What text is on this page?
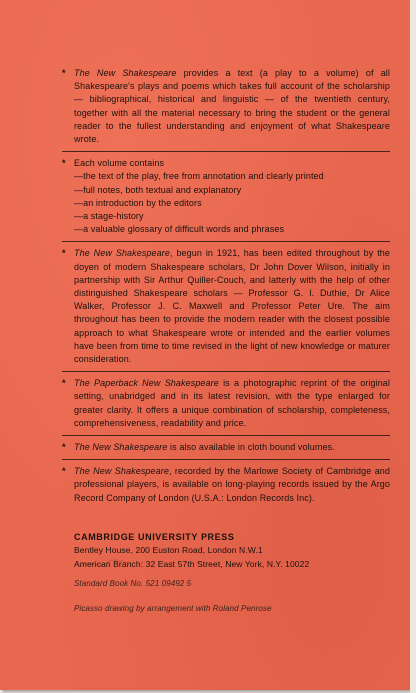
* The New Shakespeare provides a text (a play to a volume) of all Shakespeare's plays and poems which takes full account of the scholarship — bibliographical, historical and linguistic — of the twentieth century, together with all the material necessary to bring the student or the general reader to the fullest understanding and enjoyment of what Shakespeare wrote.
* Each volume contains
—the text of the play, free from annotation and clearly printed
—full notes, both textual and explanatory
—an introduction by the editors
—a stage-history
—a valuable glossary of difficult words and phrases
* The New Shakespeare, begun in 1921, has been edited throughout by the doyen of modern Shakespeare scholars, Dr John Dover Wilson, initially in partnership with Sir Arthur Quiller-Couch, and latterly with the help of other distinguished Shakespeare scholars — Professor G. I. Duthie, Dr Alice Walker, Professor J. C. Maxwell and Professor Peter Ure. The aim throughout has been to provide the modern reader with the closest possible approach to what Shakespeare wrote or intended and the earlier volumes have been from time to time revised in the light of new knowledge or maturer consideration.
* The Paperback New Shakespeare is a photographic reprint of the original setting, unabridged and in its latest revision, with the type enlarged for greater clarity. It offers a unique combination of scholarship, completeness, comprehensiveness, readability and price.
* The New Shakespeare is also available in cloth bound volumes.
* The New Shakespeare, recorded by the Marlowe Society of Cambridge and professional players, is available on long-playing records issued by the Argo Record Company of London (U.S.A.: London Records Inc).
CAMBRIDGE UNIVERSITY PRESS
Bentley House, 200 Euston Road, London N.W.1
American Branch: 32 East 57th Street, New York, N.Y. 10022
Standard Book No. 521 09492 5
Picasso drawing by arrangement with Roland Penrose
